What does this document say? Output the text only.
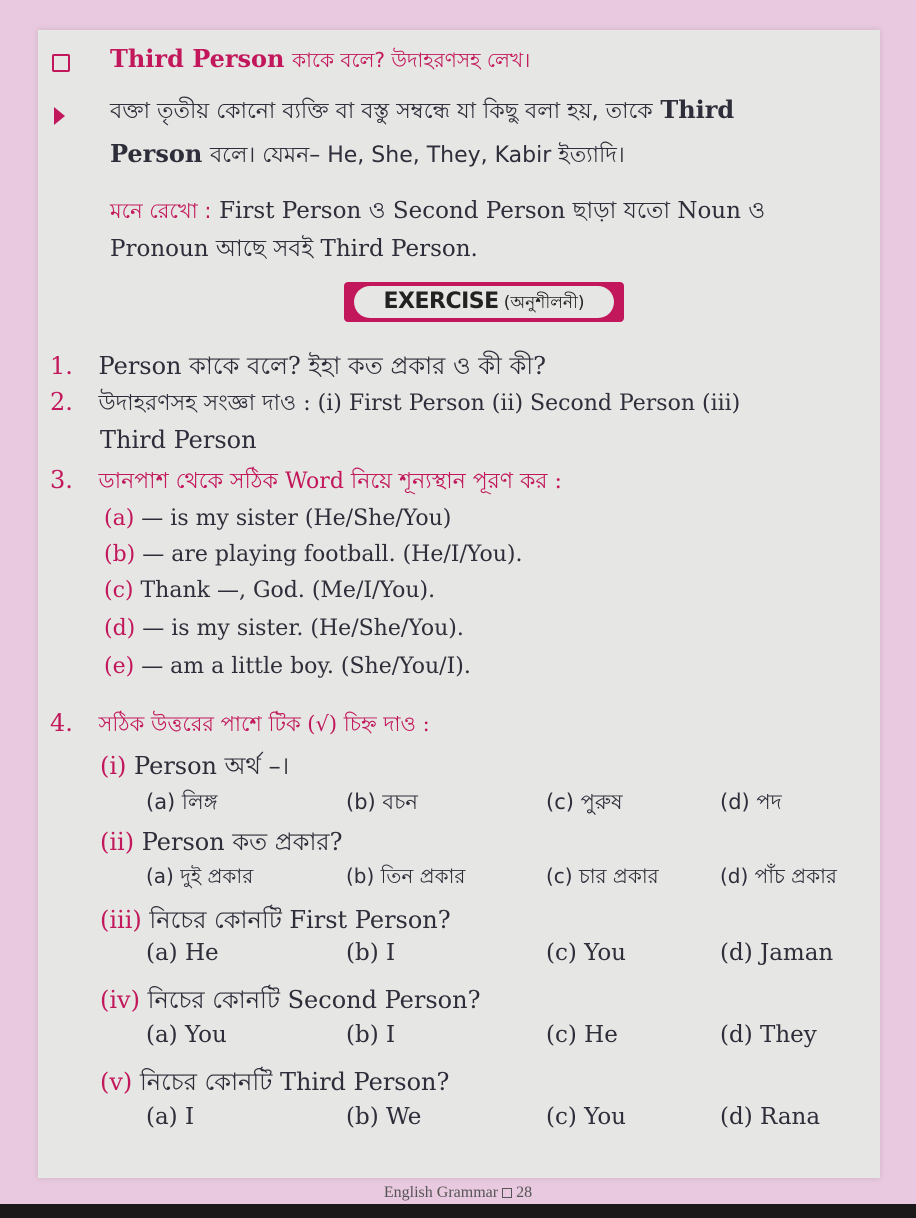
Third Person কাকে বলে? উদাহরণসহ লেখ।
বক্তা তৃতীয় কোনো ব্যক্তি বা বস্তু সম্বন্ধে যা কিছু বলা হয়, তাকে Third
Person বলে। যেমন– He, She, They, Kabir ইত্যাদি।
মনে রেখো : First Person ও Second Person ছাড়া যতো Noun ও
Pronoun আছে সবই Third Person.
EXERCISE (অনুশীলনী)
1. Person কাকে বলে? ইহা কত প্রকার ও কী কী?
2. উদাহরণসহ সংজ্ঞা দাও : (i) First Person (ii) Second Person (iii)
Third Person
3. ডানপাশ থেকে সঠিক Word নিয়ে শূন্যস্থান পূরণ কর :
(a) — is my sister (He/She/You)
(b) — are playing football. (He/I/You).
(c) Thank —, God. (Me/I/You).
(d) — is my sister. (He/She/You).
(e) — am a little boy. (She/You/I).
4. সঠিক উত্তরের পাশে টিক (√) চিহ্ন দাও :
(i) Person অর্থ –।
(a) লিঙ্গ	(b) বচন	(c) পুরুষ	(d) পদ
(ii) Person কত প্রকার?
(a) দুই প্রকার	(b) তিন প্রকার	(c) চার প্রকার	(d) পাঁচ প্রকার
(iii) নিচের কোনটি First Person?
(a) He	(b) I	(c) You	(d) Jaman
(iv) নিচের কোনটি Second Person?
(a) You	(b) I	(c) He	(d) They
(v) নিচের কোনটি Third Person?
(a) I	(b) We	(c) You	(d) Rana
English Grammar 28
